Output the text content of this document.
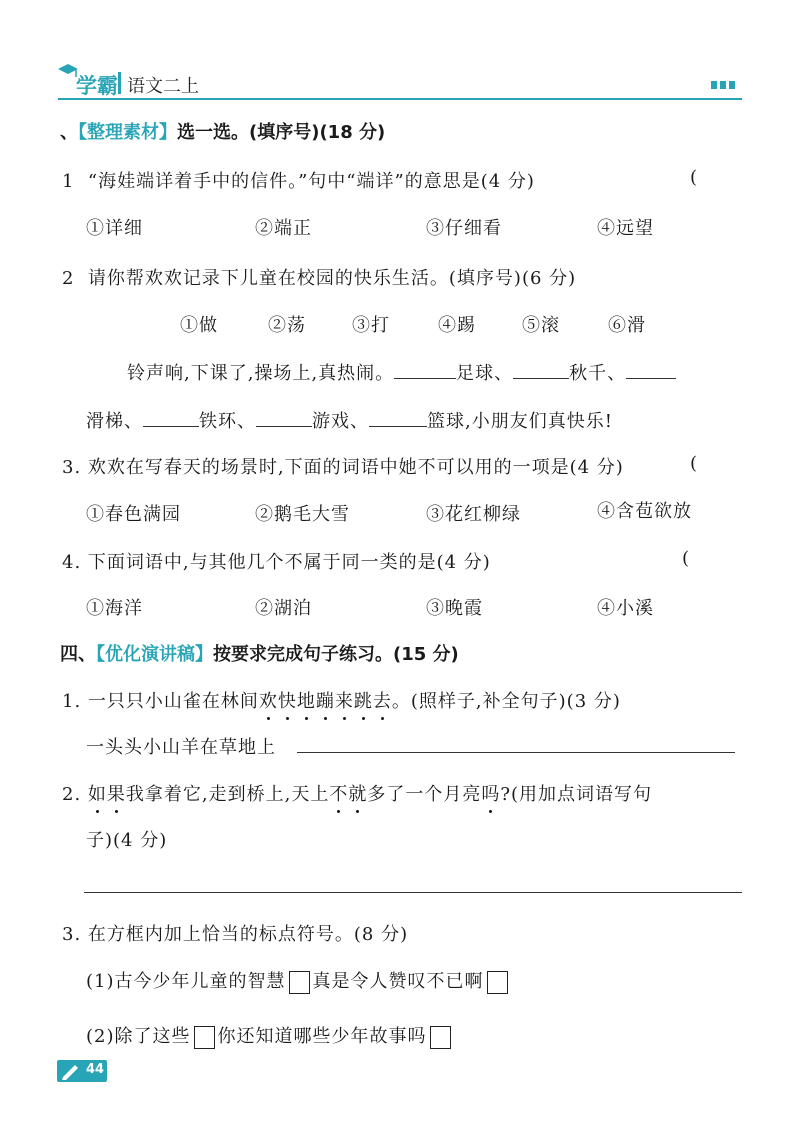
学霸 语文二上
、【整理素材】选一选。(填序号)(18 分)
1 “海娃端详着手中的信件。”句中“端详”的意思是(4 分)	(
①详细	②端正	③仔细看	④远望
2 请你帮欢欢记录下儿童在校园的快乐生活。(填序号)(6 分)
①做	②荡	③打	④踢	⑤滚	⑥滑
铃声响,下课了,操场上,真热闹。	足球、	秋千、
滑梯、	铁环、	游戏、	篮球,小朋友们真快乐!
3. 欢欢在写春天的场景时,下面的词语中她不可以用的一项是(4 分)	(
①春色满园	②鹅毛大雪	③花红柳绿	④含苞欲放
4. 下面词语中,与其他几个不属于同一类的是(4 分)	(
①海洋	②湖泊	③晚霞	④小溪
四、【优化演讲稿】按要求完成句子练习。(15 分)
1. 一只只小山雀在林间欢
快
地
蹦
来
跳
去
。(照样子,补全句子)(3 分)
一头头小山羊在草地上
2. 如果
我拿着它,走到桥上,天上不就
多了一个月亮吗
?(用加点词语写句
子)(4 分)
3. 在方框内加上恰当的标点符号。(8 分)
(1)古今少年儿童的智慧 真是令人赞叹不已啊
(2)除了这些 你还知道哪些少年故事吗
44
